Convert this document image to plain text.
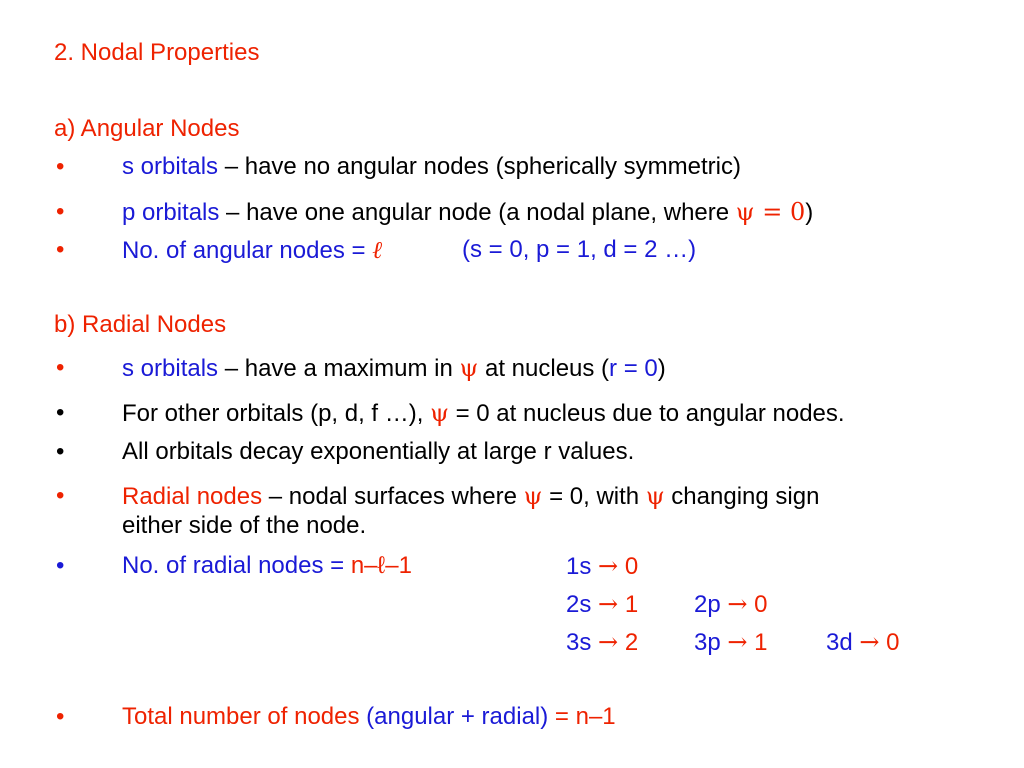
2. Nodal Properties
a) Angular Nodes
• s orbitals – have no angular nodes (spherically symmetric)
• p orbitals – have one angular node (a nodal plane, where ψ = 0)
• No. of angular nodes = ℓ	(s = 0, p = 1, d = 2 …)
b) Radial Nodes
• s orbitals – have a maximum in ψ at nucleus (r = 0)
• For other orbitals (p, d, f …), ψ = 0 at nucleus due to angular nodes.
• All orbitals decay exponentially at large r values.
• Radial nodes – nodal surfaces where ψ = 0, with ψ changing sign
either side of the node.
• No. of radial nodes = n–ℓ–1	1s → 0
2s → 1 2p → 0
3s → 2 3p → 1 3d → 0
• Total number of nodes (angular + radial) = n–1
